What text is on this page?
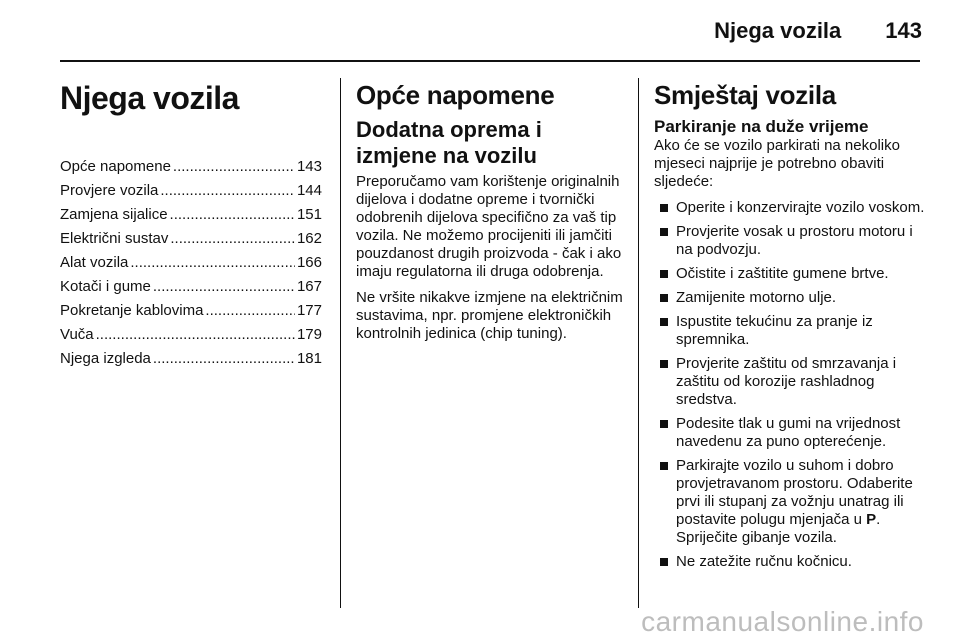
Njega vozila 143
Njega vozila
Opće napomene .....	143
Provjere vozila .....	144
Zamjena sijalice .....	151
Električni sustav .....	162
Alat vozila .....	166
Kotači i gume .....	167
Pokretanje kablovima .....	177
Vuča .....	179
Njega izgleda .....	181
Opće napomene
Dodatna oprema i izmjene na vozilu

Preporučamo vam korištenje originalnih dijelova i dodatne opreme i tvornički odobrenih dijelova specifično za vaš tip vozila. Ne možemo procijeniti ili jamčiti pouzdanost drugih proizvoda - čak i ako imaju regulatorna ili druga odobrenja.

Ne vršite nikakve izmjene na električnim sustavima, npr. promjene elektroničkih kontrolnih jedinica (chip tuning).

Smještaj vozila
Parkiranje na duže vrijeme

Ako će se vozilo parkirati na nekoliko mjeseci najprije je potrebno obaviti sljedeće:

Operite i konzervirajte vozilo voskom.
Provjerite vosak u prostoru motoru i na podvozju.
Očistite i zaštitite gumene brtve.
Zamijenite motorno ulje.
Ispustite tekućinu za pranje iz spremnika.
Provjerite zaštitu od smrzavanja i zaštitu od korozije rashladnog sredstva.
Podesite tlak u gumi na vrijednost navedenu za puno opterećenje.
Parkirajte vozilo u suhom i dobro provjetravanom prostoru. Odaberite prvi ili stupanj za vožnju unatrag ili postavite polugu mjenjača u P. Spriječite gibanje vozila.
Ne zatežite ručnu kočnicu.
carmanualsonline.info
